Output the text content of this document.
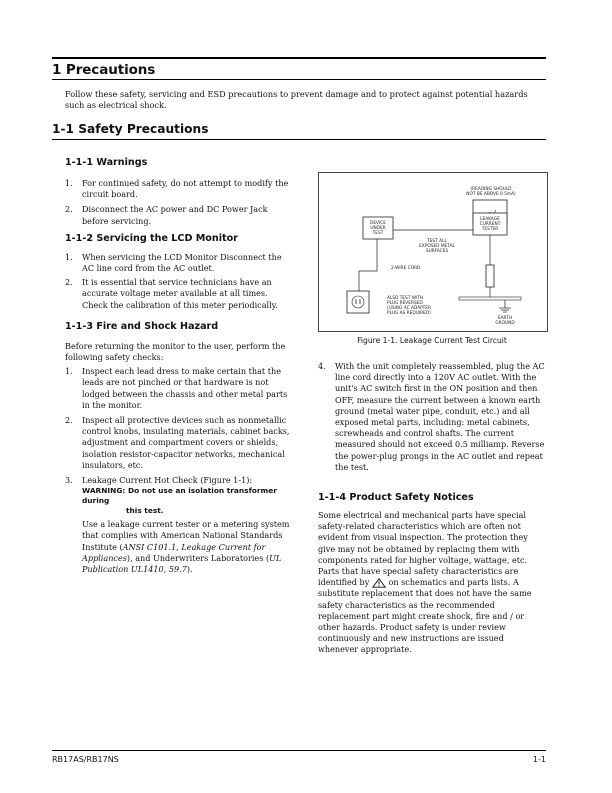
1 Precautions

Follow these safety, servicing and ESD precautions to prevent damage and to protect against potential hazards such as electrical shock.

1-1 Safety Precautions
1-1-1 Warnings
1. For continued safety, do not attempt to modify the circuit board.
2. Disconnect the AC power and DC Power Jack before servicing.
1-1-2 Servicing the LCD Monitor
1. When servicing the LCD Monitor Disconnect the AC line cord from the AC outlet.
2. It is essential that service technicians have an accurate voltage meter available at all times. Check the calibration of this meter periodically.
1-1-3 Fire and Shock Hazard

Before returning the monitor to the user, perform the following safety checks:

1. Inspect each lead dress to make certain that the leads are not pinched or that hardware is not lodged between the chassis and other metal parts in the monitor.
2. Inspect all protective devices such as nonmetallic control knobs, insulating materials, cabinet backs, adjustment and compartment covers or shields, isolation resistor-capacitor networks, mechanical insulators, etc.
3. Leakage Current Hot Check (Figure 1-1):
WARNING: Do not use an isolation transformer during
this test.

Use a leakage current tester or a metering system that complies with American National Standards Institute (ANSI C101.1, Leakage Current for Appliances), and Underwriters Laboratories (UL Publication UL1410, 59.7).

(READING SHOULD
NOT BE ABOVE 0.5mA)
LEAKAGE
CURRENT
TESTER
DEVICE
UNDER
TEST
TEST ALL
EXPOSED METAL
SURFACES
2-WIRE CORD
ALSO TEST WITH
PLUG REVERSED
(USING AC ADAPTER
PLUG AS REQUIRED)
EARTH
GROUND
Figure 1-1. Leakage Current Test Circuit
4. With the unit completely reassembled, plug the AC line cord directly into a 120V AC outlet. With the unit's AC switch first in the ON position and then OFF, measure the current between a known earth ground (metal water pipe, conduit, etc.) and all exposed metal parts, including: metal cabinets, screwheads and control shafts. The current measured should not exceed 0.5 milliamp. Reverse the power-plug prongs in the AC outlet and repeat the test.
1-1-4 Product Safety Notices

Some electrical and mechanical parts have special safety-related characteristics which are often not evident from visual inspection. The protection they give may not be obtained by replacing them with components rated for higher voltage, wattage, etc. Parts that have special safety characteristics are identified by on schematics and parts lists. A substitute replacement that does not have the same safety characteristics as the recommended replacement part might create shock, fire and / or other hazards. Product safety is under review continuously and new instructions are issued whenever appropriate.

RB17AS/RB17NS	1-1
